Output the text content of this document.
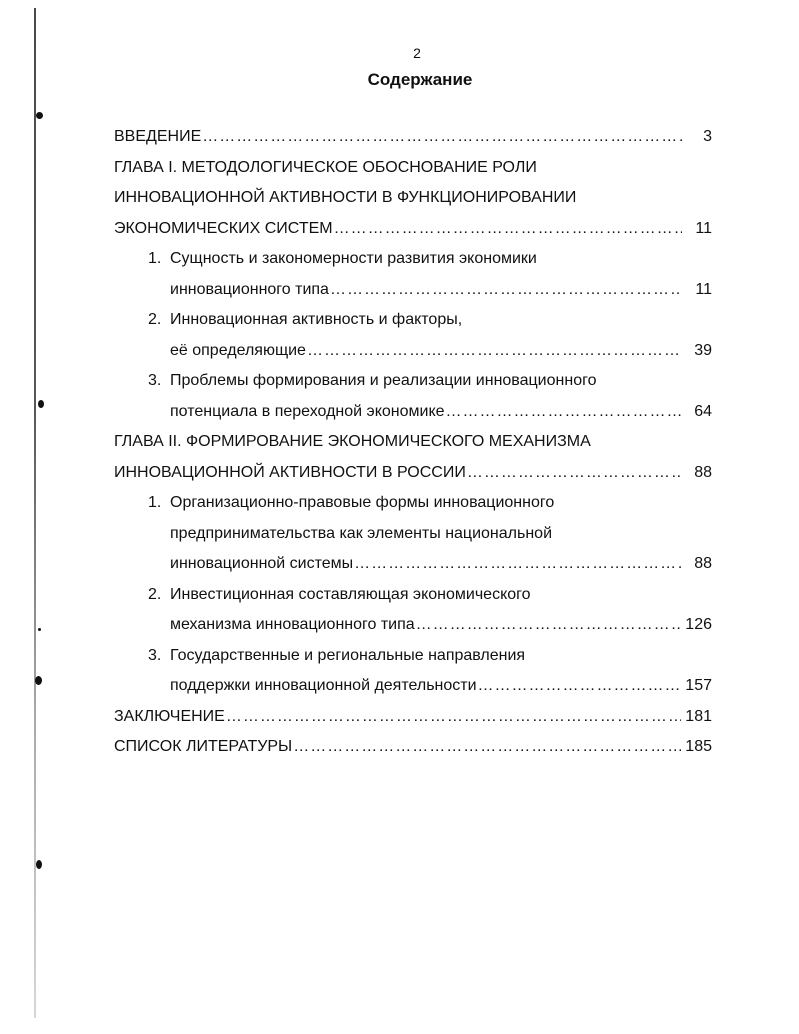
2
Содержание
ВВЕДЕНИЕ …………………………………………………………………………………………………………………………………………………………	3
ГЛАВА I. МЕТОДОЛОГИЧЕСКОЕ ОБОСНОВАНИЕ РОЛИ
ИННОВАЦИОННОЙ АКТИВНОСТИ В ФУНКЦИОНИРОВАНИИ
ЭКОНОМИЧЕСКИХ СИСТЕМ …………………………………………………………………………………………………………………………………………………………	11
1. Сущность и закономерности развития экономики
инновационного типа …………………………………………………………………………………………………………………………………………………………	11
2. Инновационная активность и факторы,
её определяющие …………………………………………………………………………………………………………………………………………………………	39
3. Проблемы формирования и реализации инновационного
потенциала в переходной экономике …………………………………………………………………………………………………………………………………………………………	64
ГЛАВА II. ФОРМИРОВАНИЕ ЭКОНОМИЧЕСКОГО МЕХАНИЗМА
ИННОВАЦИОННОЙ АКТИВНОСТИ В РОССИИ …………………………………………………………………………………………………………………………………………………………	88
1. Организационно-правовые формы инновационного
предпринимательства как элементы национальной
инновационной системы …………………………………………………………………………………………………………………………………………………………	88
2. Инвестиционная составляющая экономического
механизма инновационного типа …………………………………………………………………………………………………………………………………………………………	126
3. Государственные и региональные направления
поддержки инновационной деятельности …………………………………………………………………………………………………………………………………………………………	157
ЗАКЛЮЧЕНИЕ …………………………………………………………………………………………………………………………………………………………	181
СПИСОК ЛИТЕРАТУРЫ …………………………………………………………………………………………………………………………………………………………	185
